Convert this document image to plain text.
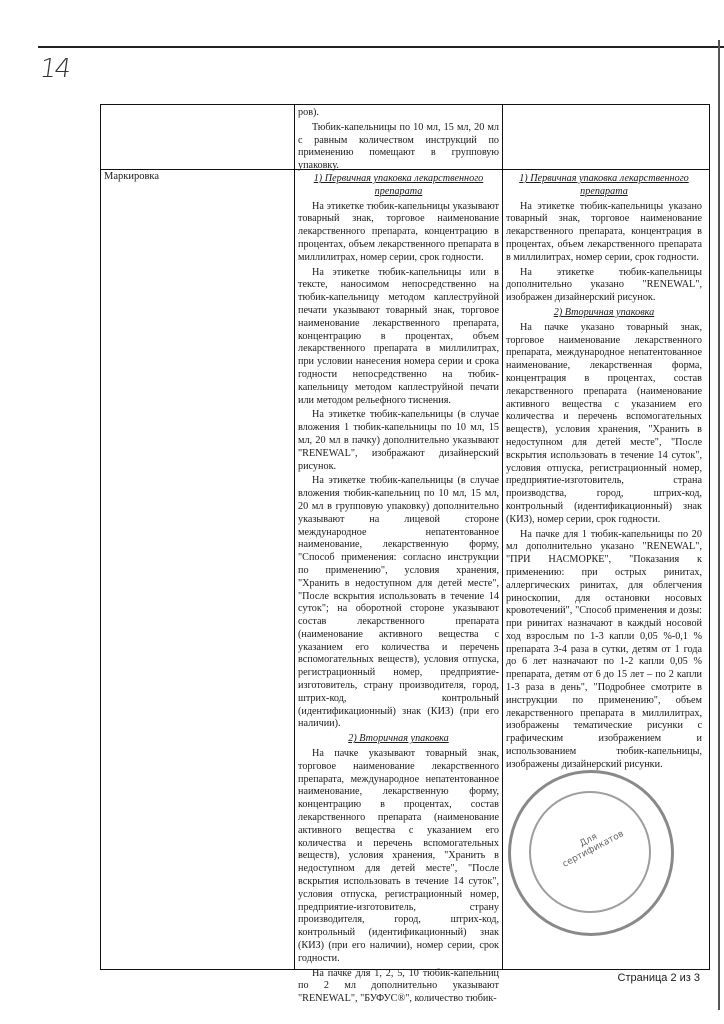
14

ров).

Тюбик-капельницы по 10 мл, 15 мл, 20 мл с равным количеством инструкций по применению помещают в групповую упаковку.

Маркировка	1) Первичная упаковка лекарственного препарата

На этикетке тюбик-капельницы указывают товарный знак, торговое наименование лекарственного препарата, концентрацию в процентах, объем лекарственного препарата в миллилитрах, номер серии, срок годности.

На этикетке тюбик-капельницы или в тексте, наносимом непосредственно на тюбик-капельницу методом каплеструйной печати указывают товарный знак, торговое наименование лекарственного препарата, концентрацию в процентах, объем лекарственного препарата в миллилитрах, при условии нанесения номера серии и срока годности непосредственно на тюбик-капельницу методом каплеструйной печати или методом рельефного тиснения.

На этикетке тюбик-капельницы (в случае вложения 1 тюбик-капельницы по 10 мл, 15 мл, 20 мл в пачку) дополнительно указывают "RENEWAL", изображают дизайнерский рисунок.

На этикетке тюбик-капельницы (в случае вложения тюбик-капельниц по 10 мл, 15 мл, 20 мл в групповую упаковку) дополнительно указывают на лицевой стороне международное непатентованное наименование, лекарственную форму, "Способ применения: согласно инструкции по применению", условия хранения, "Хранить в недоступном для детей месте", "После вскрытия использовать в течение 14 суток"; на оборотной стороне указывают состав лекарственного препарата (наименование активного вещества с указанием его количества и перечень вспомогательных веществ), условия отпуска, регистрационный номер, предприятие-изготовитель, страну производителя, город, штрих-код, контрольный (идентификационный) знак (КИЗ) (при его наличии).

2) Вторичная упаковка

На пачке указывают товарный знак, торговое наименование лекарственного препарата, международное непатентованное наименование, лекарственную форму, концентрацию в процентах, состав лекарственного препарата (наименование активного вещества с указанием его количества и перечень вспомогательных веществ), условия хранения, "Хранить в недоступном для детей месте", "После вскрытия использовать в течение 14 суток", условия отпуска, регистрационный номер, предприятие-изготовитель, страну производителя, город, штрих-код, контрольный (идентификационный) знак (КИЗ) (при его наличии), номер серии, срок годности.

На пачке для 1, 2, 5, 10 тюбик-капельниц по 2 мл дополнительно указывают "RENEWAL", "БУФУС®", количество тюбик-

1) Первичная упаковка лекарственного препарата

На этикетке тюбик-капельницы указано товарный знак, торговое наименование лекарственного препарата, концентрация в процентах, объем лекарственного препарата в миллилитрах, номер серии, срок годности.

На этикетке тюбик-капельницы дополнительно указано "RENEWAL", изображен дизайнерский рисунок.

2) Вторичная упаковка

На пачке указано товарный знак, торговое наименование лекарственного препарата, международное непатентованное наименование, лекарственная форма, концентрация в процентах, состав лекарственного препарата (наименование активного вещества с указанием его количества и перечень вспомогательных веществ), условия хранения, "Хранить в недоступном для детей месте", "После вскрытия использовать в течение 14 суток", условия отпуска, регистрационный номер, предприятие-изготовитель, страна производства, город, штрих-код, контрольный (идентификационный) знак (КИЗ), номер серии, срок годности.

На пачке для 1 тюбик-капельницы по 20 мл дополнительно указано "RENEWAL", "ПРИ НАСМОРКЕ", "Показания к применению: при острых ринитах, аллергических ринитах, для облегчения риноскопии, для остановки носовых кровотечений", "Способ применения и дозы: при ринитах назначают в каждый носовой ход взрослым по 1-3 капли 0,05 %-0,1 % препарата 3-4 раза в сутки, детям от 1 года до 6 лет назначают по 1-2 капли 0,05 % препарата, детям от 6 до 15 лет – по 2 капли 1-3 раза в день", "Подробнее смотрите в инструкции по применению", объем лекарственного препарата в миллилитрах, изображены тематические рисунки с графическим изображением и использованием тюбик-капельницы, изображены дизайнерский рисунки.

Для сертификатов
Страница 2 из 3
